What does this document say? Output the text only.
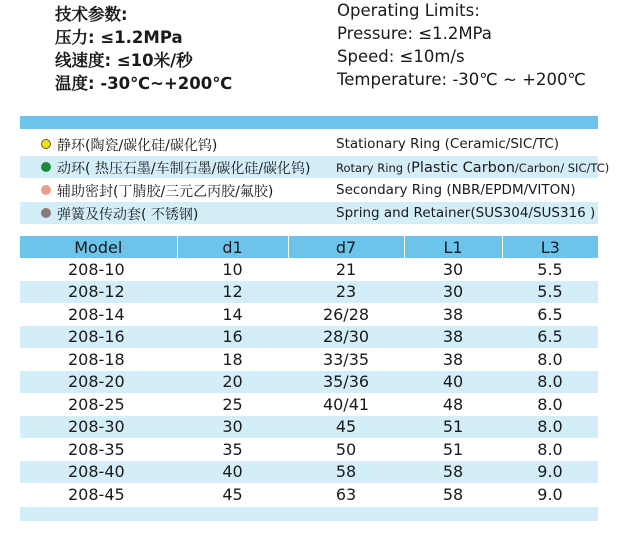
技术参数:
压力: ≤1.2MPa
线速度: ≤10米/秒
温度: -30℃~+200℃
Operating Limits:
Pressure: ≤1.2MPa
Speed: ≤10m/s
Temperature: -30℃ ~ +200℃
静环(陶瓷/碳化硅/碳化钨)	Stationary Ring (Ceramic/SIC/TC)
动环( 热压石墨/车制石墨/碳化硅/碳化钨) Rotary Ring (Plastic Carbon/Carbon/ SIC/TC)
辅助密封(丁腈胶/三元乙丙胶/氟胶)	Secondary Ring (NBR/EPDM/VITON)
弹簧及传动套( 不锈钢)	Spring and Retainer(SUS304/SUS316 )
Model	d1	d7	L1	L3
208-10	10	21	30	5.5
208-12	12	23	30	5.5
208-14	14	26/28	38	6.5
208-16	16	28/30	38	6.5
208-18	18	33/35	38	8.0
208-20	20	35/36	40	8.0
208-25	25	40/41	48	8.0
208-30	30	45	51	8.0
208-35	35	50	51	8.0
208-40	40	58	58	9.0
208-45	45	63	58	9.0
